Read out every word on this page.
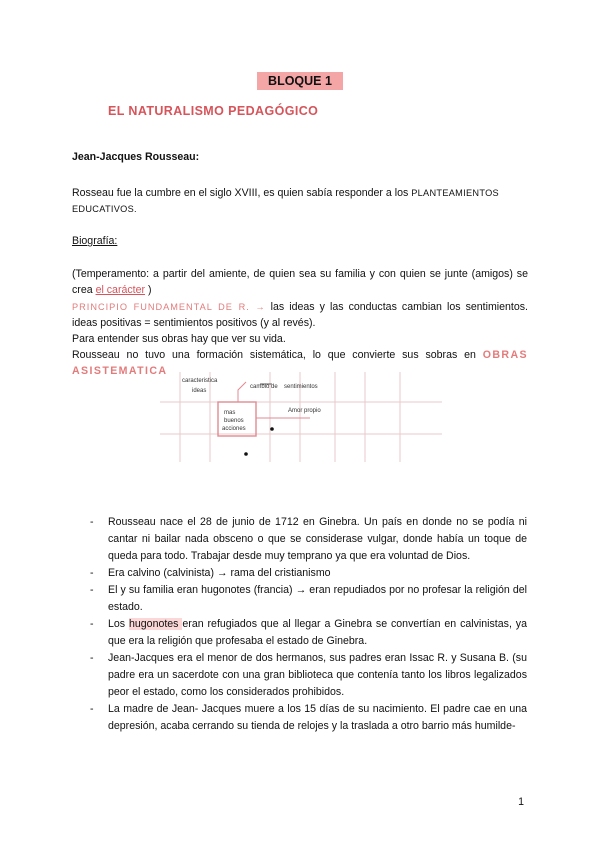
BLOQUE 1
EL NATURALISMO PEDAGÓGICO
Jean-Jacques Rousseau:
Rosseau fue la cumbre en el siglo XVIII, es quien sabía responder a los PLANTEAMIENTOS EDUCATIVOS.
Biografía:
(Temperamento: a partir del amiente, de quien sea su familia y con quien se junte (amigos) se crea el carácter )
PRINCIPIO FUNDAMENTAL DE R. → las ideas y las conductas cambian los sentimientos. ideas positivas = sentimientos positivos (y al revés).
Para entender sus obras hay que ver su vida.
Rousseau no tuvo una formación sistemática, lo que convierte sus sobras en OBRAS ASISTEMATICA
caracteristica
ideas
cambio de sentimientos
mas
buenos
acciones
Amor propio
- Rousseau nace el 28 de junio de 1712 en Ginebra. Un país en donde no se podía ni cantar ni bailar nada obsceno o que se considerase vulgar, donde había un toque de queda para todo. Trabajar desde muy temprano ya que era voluntad de Dios.
- Era calvino (calvinista) → rama del cristianismo
- El y su familia eran hugonotes (francia) → eran repudiados por no profesar la religión del estado.
- Los hugonotes eran refugiados que al llegar a Ginebra se convertían en calvinistas, ya que era la religión que profesaba el estado de Ginebra.
- Jean-Jacques era el menor de dos hermanos, sus padres eran Issac R. y Susana B. (su padre era un sacerdote con una gran biblioteca que contenía tanto los libros legalizados peor el estado, como los considerados prohibidos.
- La madre de Jean- Jacques muere a los 15 días de su nacimiento. El padre cae en una depresión, acaba cerrando su tienda de relojes y la traslada a otro barrio más humilde-
1
